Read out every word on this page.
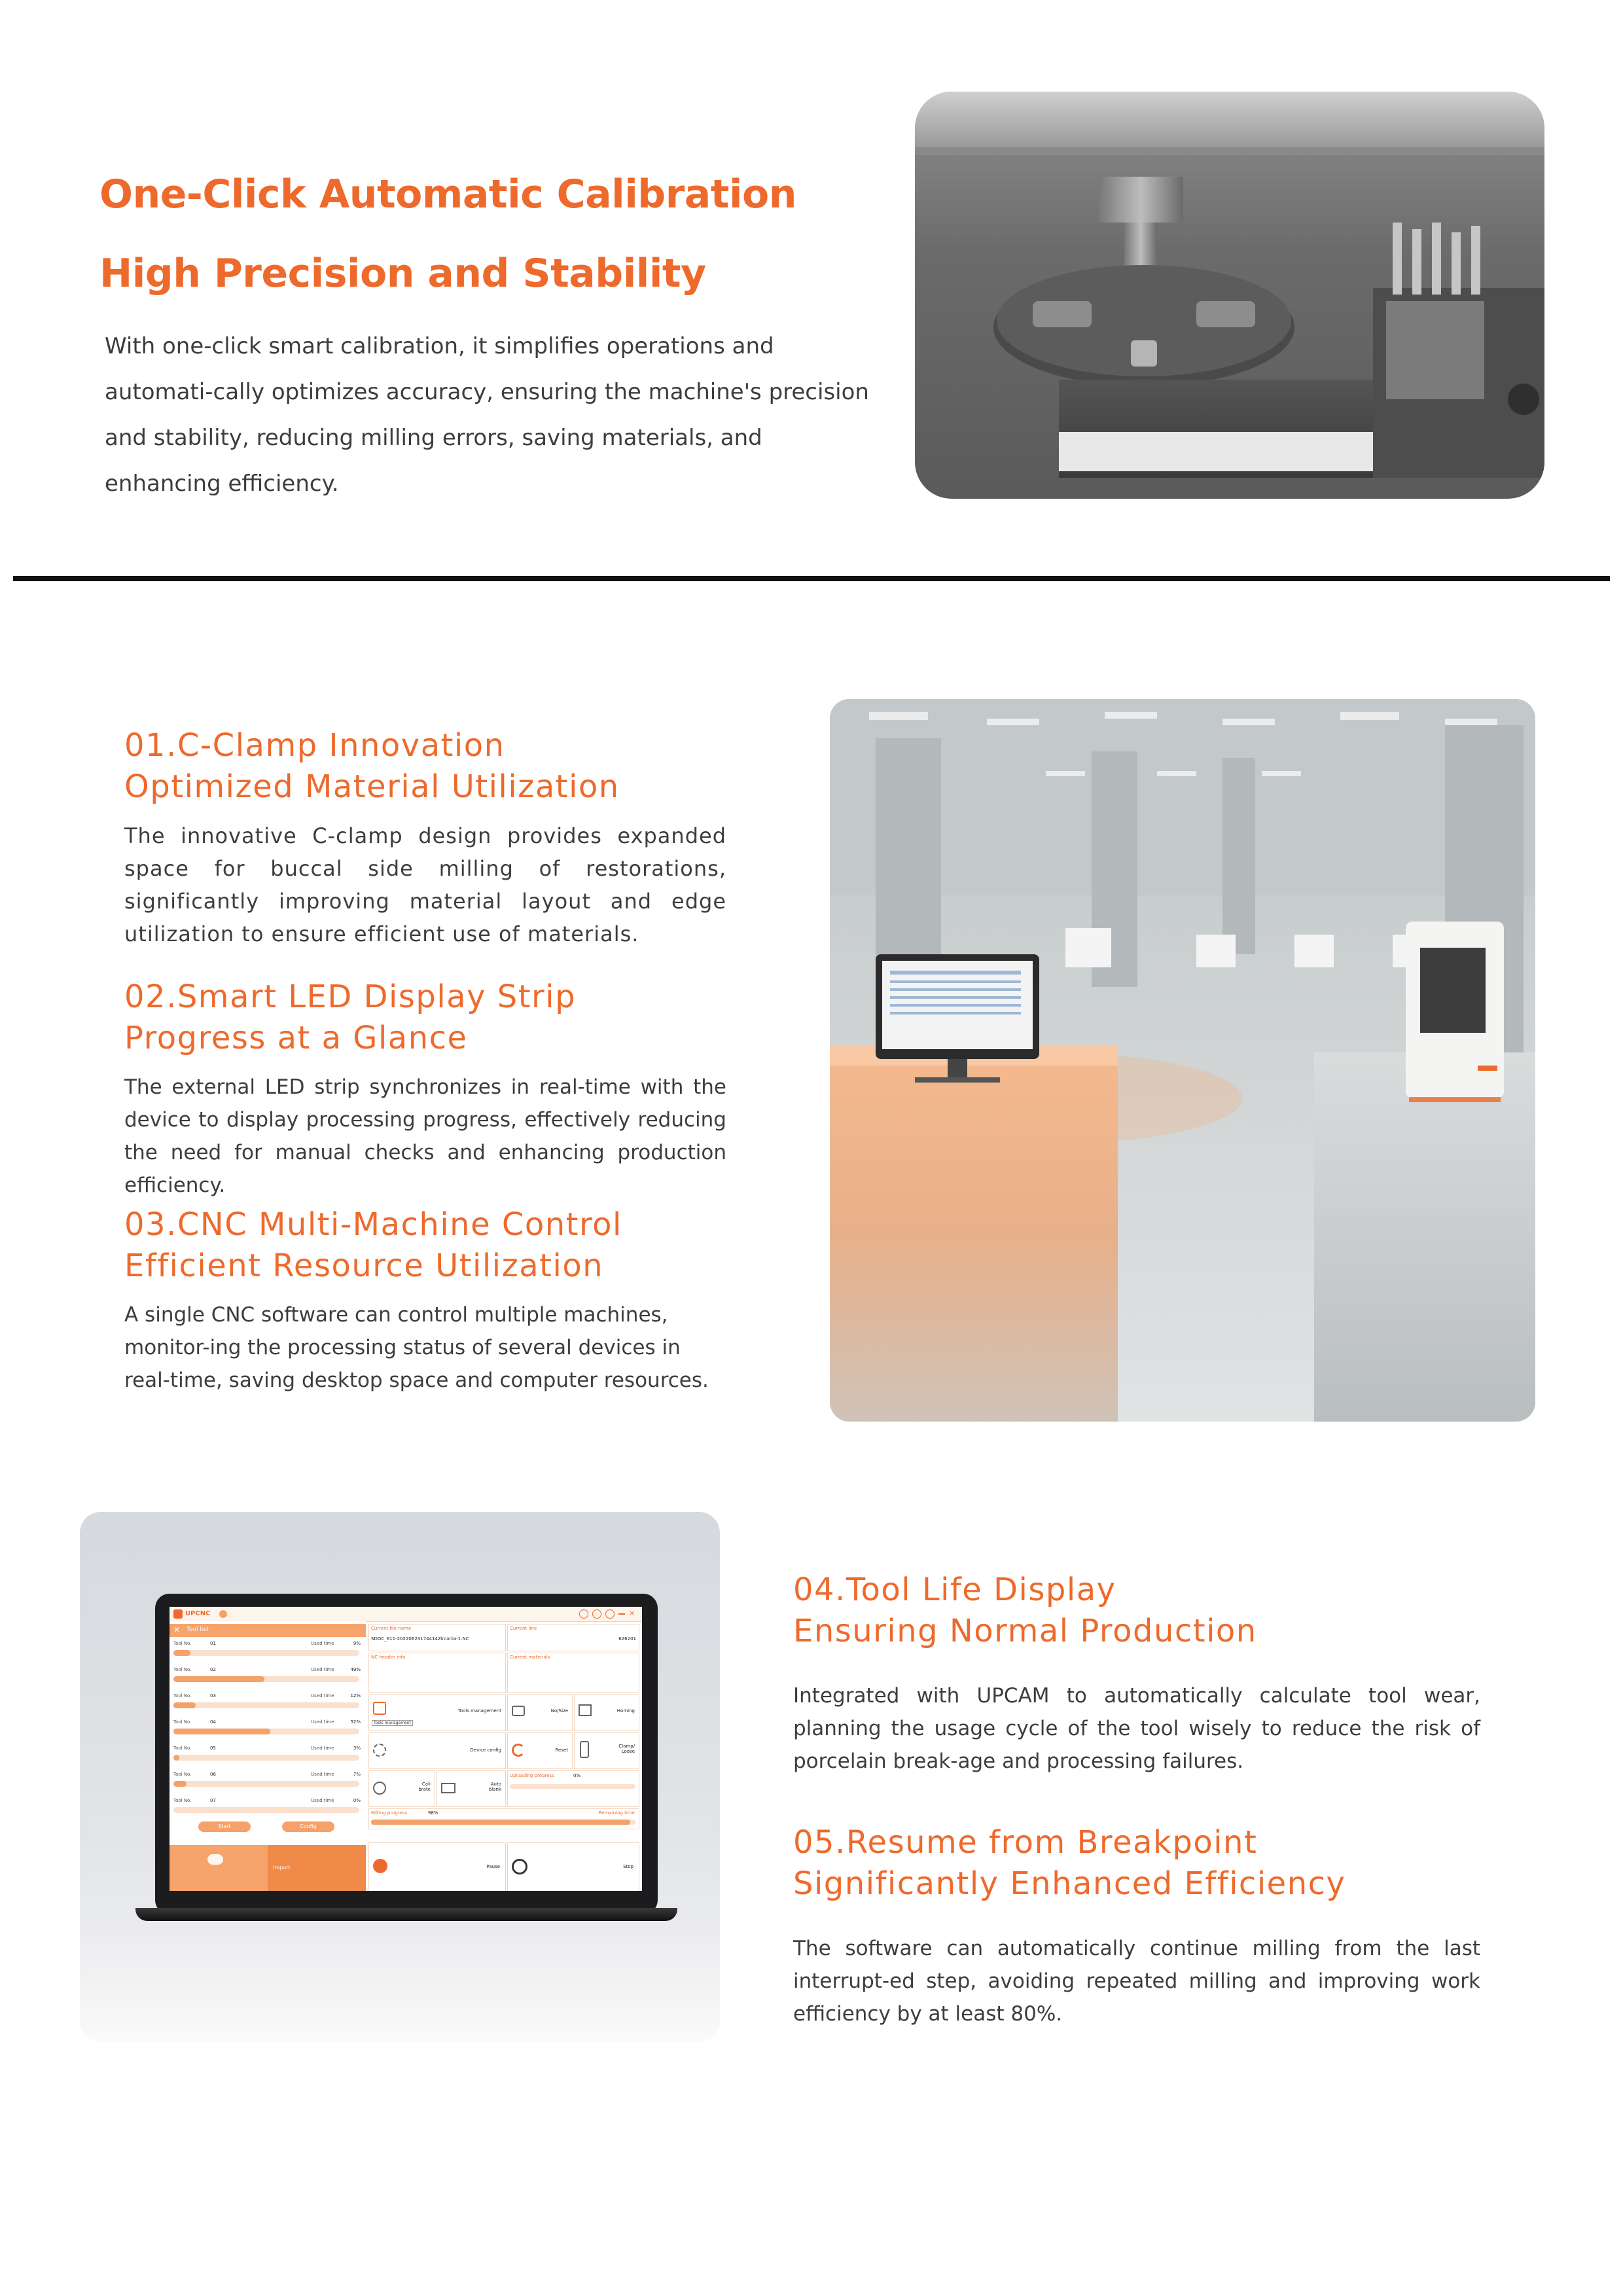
One-Click Automatic Calibration
High Precision and Stability
With one-click smart calibration, it simplifies operations and automati-cally optimizes accuracy, ensuring the machine's precision and stability, reducing milling errors, saving materials, and enhancing efficiency.
01.C-Clamp Innovation
Optimized Material Utilization
The innovative C-clamp design provides expanded space for buccal side milling of restorations, significantly improving material layout and edge utilization to ensure efficient use of materials.
02.Smart LED Display Strip
Progress at a Glance
The external LED strip synchronizes in real-time with the device to display processing progress, effectively reducing the need for manual checks and enhancing production efficiency.
03.CNC Multi-Machine Control
Efficient Resource Utilization
A single CNC software can control multiple machines, monitor-ing the processing status of several devices in real-time, saving desktop space and computer resources.
UPCNC	×
✕ Tool list
Tool No.	01	Used time	9%
Tool No.	02	Used time	49%
Tool No.	03	Used time	12%
Tool No.	04	Used time	52%
Tool No.	05	Used time	3%
Tool No.	06	Used time	7%
Tool No.	07	Used time	0%
Start	Config
Import
Current file name
SDOC_611-20220623174414Zirconia-1.NC
Current line
626201
NC header info	Current materials
Tools management
Tools management
No/Size	Homing
Device config	Reset
Clamp/ Loose
Cali brate
Auto blank
Uploading progress	0%
Milling progress	98%	Remaining time
Pause	Stop
04.Tool Life Display
Ensuring Normal Production
Integrated with UPCAM to automatically calculate tool wear, planning the usage cycle of the tool wisely to reduce the risk of porcelain break-age and processing failures.
05.Resume from Breakpoint
Significantly Enhanced Efficiency
The software can automatically continue milling from the last interrupt-ed step, avoiding repeated milling and improving work efficiency by at least 80%.
